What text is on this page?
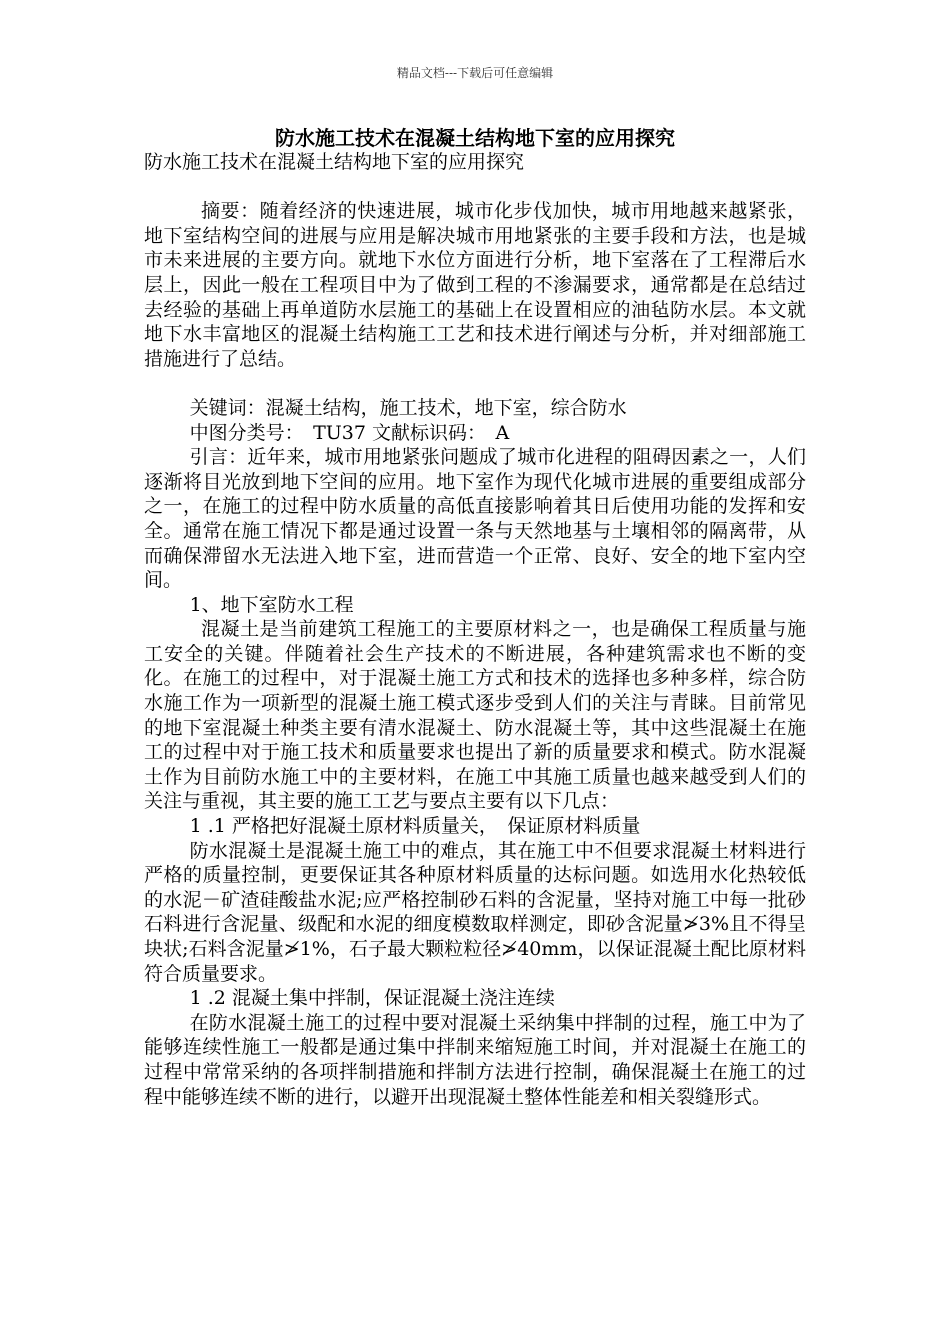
精品文档---下载后可任意编辑
防水施工技术在混凝土结构地下室的应用探究

防水施工技术在混凝土结构地下室的应用探究

摘要：随着经济的快速进展，城市化步伐加快，城市用地越来越紧张，地下室结构空间的进展与应用是解决城市用地紧张的主要手段和方法，也是城市未来进展的主要方向。就地下水位方面进行分析，地下室落在了工程滞后水层上，因此一般在工程项目中为了做到工程的不渗漏要求，通常都是在总结过去经验的基础上再单道防水层施工的基础上在设置相应的油毡防水层。本文就地下水丰富地区的混凝土结构施工工艺和技术进行阐述与分析，并对细部施工措施进行了总结。

关键词：混凝土结构，施工技术，地下室，综合防水

中图分类号：　TU37 文献标识码：　A

引言：近年来，城市用地紧张问题成了城市化进程的阻碍因素之一，人们逐渐将目光放到地下空间的应用。地下室作为现代化城市进展的重要组成部分之一，在施工的过程中防水质量的高低直接影响着其日后使用功能的发挥和安全。通常在施工情况下都是通过设置一条与天然地基与土壤相邻的隔离带，从而确保滞留水无法进入地下室，进而营造一个正常、良好、安全的地下室内空间。

1、地下室防水工程

混凝土是当前建筑工程施工的主要原材料之一，也是确保工程质量与施工安全的关键。伴随着社会生产技术的不断进展，各种建筑需求也不断的变化。在施工的过程中，对于混凝土施工方式和技术的选择也多种多样，综合防水施工作为一项新型的混凝土施工模式逐步受到人们的关注与青睐。目前常见的地下室混凝土种类主要有清水混凝土、防水混凝土等，其中这些混凝土在施工的过程中对于施工技术和质量要求也提出了新的质量要求和模式。防水混凝土作为目前防水施工中的主要材料，在施工中其施工质量也越来越受到人们的关注与重视，其主要的施工工艺与要点主要有以下几点：

1 .1 严格把好混凝土原材料质量关，　保证原材料质量

防水混凝土是混凝土施工中的难点，其在施工中不但要求混凝土材料进行严格的质量控制，更要保证其各种原材料质量的达标问题。如选用水化热较低的水泥－矿渣硅酸盐水泥;应严格控制砂石料的含泥量，坚持对施工中每一批砂石料进行含泥量、级配和水泥的细度模数取样测定，即砂含泥量≯3%且不得呈块状;石料含泥量≯1%，石子最大颗粒粒径≯40mm，以保证混凝土配比原材料符合质量要求。

1 .2 混凝土集中拌制，保证混凝土浇注连续

在防水混凝土施工的过程中要对混凝土采纳集中拌制的过程，施工中为了能够连续性施工一般都是通过集中拌制来缩短施工时间，并对混凝土在施工的过程中常常采纳的各项拌制措施和拌制方法进行控制，确保混凝土在施工的过程中能够连续不断的进行，以避开出现混凝土整体性能差和相关裂缝形式。
